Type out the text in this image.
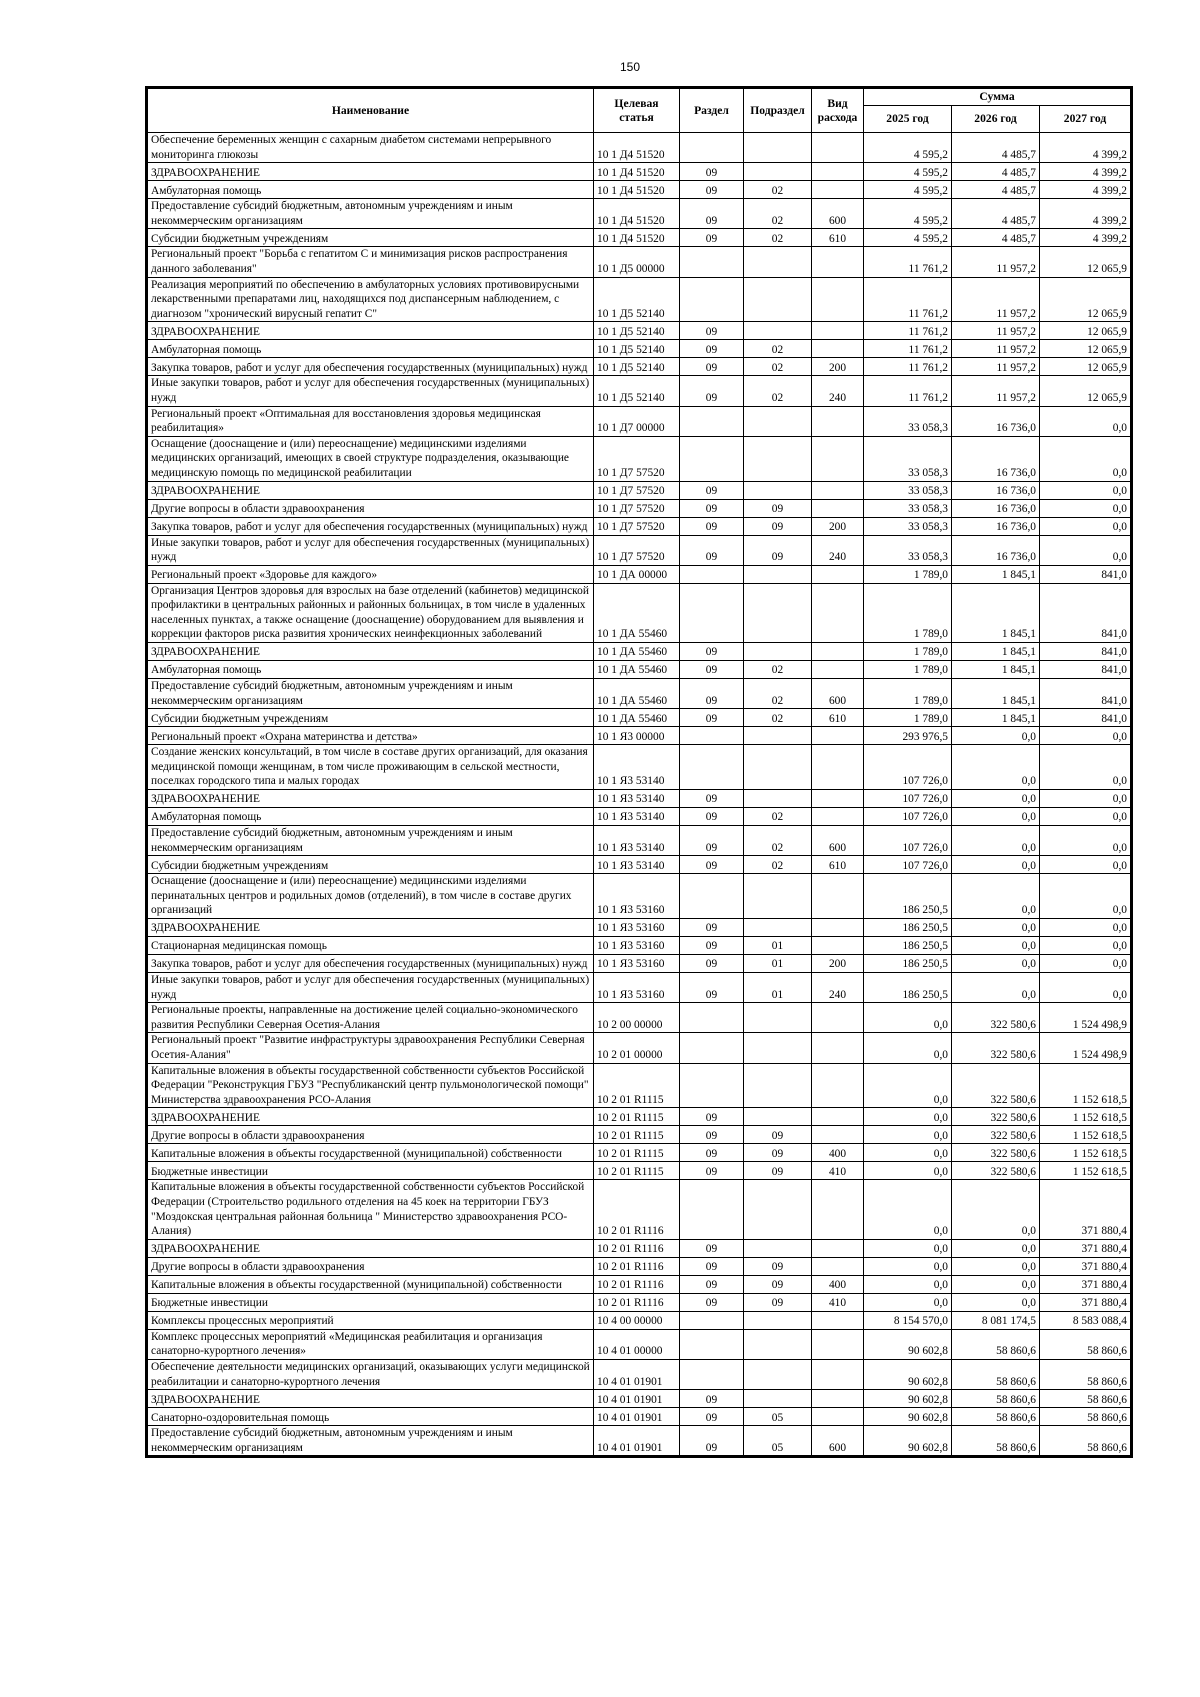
150
Наименование	Целевая статья	Раздел	Подраздел	Вид расхода	Сумма		
					2025 год	2026 год	2027 год
Обеспечение беременных женщин с сахарным диабетом системами непрерывного мониторинга глюкозы	10 1 Д4 51520				4 595,2	4 485,7	4 399,2
ЗДРАВООХРАНЕНИЕ	10 1 Д4 51520	09			4 595,2	4 485,7	4 399,2
Амбулаторная помощь	10 1 Д4 51520	09	02		4 595,2	4 485,7	4 399,2
Предоставление субсидий бюджетным, автономным учреждениям и иным некоммерческим организациям	10 1 Д4 51520	09	02	600	4 595,2	4 485,7	4 399,2
Субсидии бюджетным учреждениям	10 1 Д4 51520	09	02	610	4 595,2	4 485,7	4 399,2
Региональный проект "Борьба с гепатитом С и минимизация рисков распространения данного заболевания"	10 1 Д5 00000				11 761,2	11 957,2	12 065,9
Реализация мероприятий по обеспечению в амбулаторных условиях противовирусными лекарственными препаратами лиц, находящихся под диспансерным наблюдением, с диагнозом "хронический вирусный гепатит С"	10 1 Д5 52140				11 761,2	11 957,2	12 065,9
ЗДРАВООХРАНЕНИЕ	10 1 Д5 52140	09			11 761,2	11 957,2	12 065,9
Амбулаторная помощь	10 1 Д5 52140	09	02		11 761,2	11 957,2	12 065,9
Закупка товаров, работ и услуг для обеспечения государственных (муниципальных) нужд	10 1 Д5 52140	09	02	200	11 761,2	11 957,2	12 065,9
Иные закупки товаров, работ и услуг для обеспечения государственных (муниципальных) нужд	10 1 Д5 52140	09	02	240	11 761,2	11 957,2	12 065,9
Региональный проект «Оптимальная для восстановления здоровья медицинская реабилитация»	10 1 Д7 00000				33 058,3	16 736,0	0,0
Оснащение (дооснащение и (или) переоснащение) медицинскими изделиями медицинских организаций, имеющих в своей структуре подразделения, оказывающие медицинскую помощь по медицинской реабилитации	10 1 Д7 57520				33 058,3	16 736,0	0,0
ЗДРАВООХРАНЕНИЕ	10 1 Д7 57520	09			33 058,3	16 736,0	0,0
Другие вопросы в области здравоохранения	10 1 Д7 57520	09	09		33 058,3	16 736,0	0,0
Закупка товаров, работ и услуг для обеспечения государственных (муниципальных) нужд	10 1 Д7 57520	09	09	200	33 058,3	16 736,0	0,0
Иные закупки товаров, работ и услуг для обеспечения государственных (муниципальных) нужд	10 1 Д7 57520	09	09	240	33 058,3	16 736,0	0,0
Региональный проект «Здоровье для каждого»	10 1 ДА 00000				1 789,0	1 845,1	841,0
Организация Центров здоровья для взрослых на базе отделений (кабинетов) медицинской профилактики в центральных районных и районных больницах, в том числе в удаленных населенных пунктах, а также оснащение (дооснащение) оборудованием для выявления и коррекции факторов риска развития хронических неинфекционных заболеваний	10 1 ДА 55460				1 789,0	1 845,1	841,0
ЗДРАВООХРАНЕНИЕ	10 1 ДА 55460	09			1 789,0	1 845,1	841,0
Амбулаторная помощь	10 1 ДА 55460	09	02		1 789,0	1 845,1	841,0
Предоставление субсидий бюджетным, автономным учреждениям и иным некоммерческим организациям	10 1 ДА 55460	09	02	600	1 789,0	1 845,1	841,0
Субсидии бюджетным учреждениям	10 1 ДА 55460	09	02	610	1 789,0	1 845,1	841,0
Региональный проект «Охрана материнства и детства»	10 1 Я3 00000				293 976,5	0,0	0,0
Создание женских консультаций, в том числе в составе других организаций, для оказания медицинской помощи женщинам, в том числе проживающим в сельской местности, поселках городского типа и малых городах	10 1 Я3 53140				107 726,0	0,0	0,0
ЗДРАВООХРАНЕНИЕ	10 1 Я3 53140	09			107 726,0	0,0	0,0
Амбулаторная помощь	10 1 Я3 53140	09	02		107 726,0	0,0	0,0
Предоставление субсидий бюджетным, автономным учреждениям и иным некоммерческим организациям	10 1 Я3 53140	09	02	600	107 726,0	0,0	0,0
Субсидии бюджетным учреждениям	10 1 Я3 53140	09	02	610	107 726,0	0,0	0,0
Оснащение (дооснащение и (или) переоснащение) медицинскими изделиями перинатальных центров и родильных домов (отделений), в том числе в составе других организаций	10 1 Я3 53160				186 250,5	0,0	0,0
ЗДРАВООХРАНЕНИЕ	10 1 Я3 53160	09			186 250,5	0,0	0,0
Стационарная медицинская помощь	10 1 Я3 53160	09	01		186 250,5	0,0	0,0
Закупка товаров, работ и услуг для обеспечения государственных (муниципальных) нужд	10 1 Я3 53160	09	01	200	186 250,5	0,0	0,0
Иные закупки товаров, работ и услуг для обеспечения государственных (муниципальных) нужд	10 1 Я3 53160	09	01	240	186 250,5	0,0	0,0
Региональные проекты, направленные на достижение целей социально-экономического развития Республики Северная Осетия-Алания	10 2 00 00000				0,0	322 580,6	1 524 498,9
Региональный проект "Развитие инфраструктуры здравоохранения Республики Северная Осетия-Алания"	10 2 01 00000				0,0	322 580,6	1 524 498,9
Капитальные вложения в объекты государственной собственности субъектов Российской Федерации "Реконструкция ГБУЗ "Республиканский центр пульмонологической помощи" Министерства здравоохранения РСО-Алания	10 2 01 R1115				0,0	322 580,6	1 152 618,5
ЗДРАВООХРАНЕНИЕ	10 2 01 R1115	09			0,0	322 580,6	1 152 618,5
Другие вопросы в области здравоохранения	10 2 01 R1115	09	09		0,0	322 580,6	1 152 618,5
Капитальные вложения в объекты государственной (муниципальной) собственности	10 2 01 R1115	09	09	400	0,0	322 580,6	1 152 618,5
Бюджетные инвестиции	10 2 01 R1115	09	09	410	0,0	322 580,6	1 152 618,5
Капитальные вложения в объекты государственной собственности субъектов Российской Федерации (Строительство родильного отделения на 45 коек на территории ГБУЗ "Моздокская центральная районная больница " Министерство здравоохранения РСО-Алания)	10 2 01 R1116				0,0	0,0	371 880,4
ЗДРАВООХРАНЕНИЕ	10 2 01 R1116	09			0,0	0,0	371 880,4
Другие вопросы в области здравоохранения	10 2 01 R1116	09	09		0,0	0,0	371 880,4
Капитальные вложения в объекты государственной (муниципальной) собственности	10 2 01 R1116	09	09	400	0,0	0,0	371 880,4
Бюджетные инвестиции	10 2 01 R1116	09	09	410	0,0	0,0	371 880,4
Комплексы процессных мероприятий	10 4 00 00000				8 154 570,0	8 081 174,5	8 583 088,4
Комплекс процессных мероприятий «Медицинская реабилитация и организация санаторно-курортного лечения»	10 4 01 00000				90 602,8	58 860,6	58 860,6
Обеспечение деятельности медицинских организаций, оказывающих услуги медицинской реабилитации и санаторно-курортного лечения	10 4 01 01901				90 602,8	58 860,6	58 860,6
ЗДРАВООХРАНЕНИЕ	10 4 01 01901	09			90 602,8	58 860,6	58 860,6
Санаторно-оздоровительная помощь	10 4 01 01901	09	05		90 602,8	58 860,6	58 860,6
Предоставление субсидий бюджетным, автономным учреждениям и иным некоммерческим организациям	10 4 01 01901	09	05	600	90 602,8	58 860,6	58 860,6
